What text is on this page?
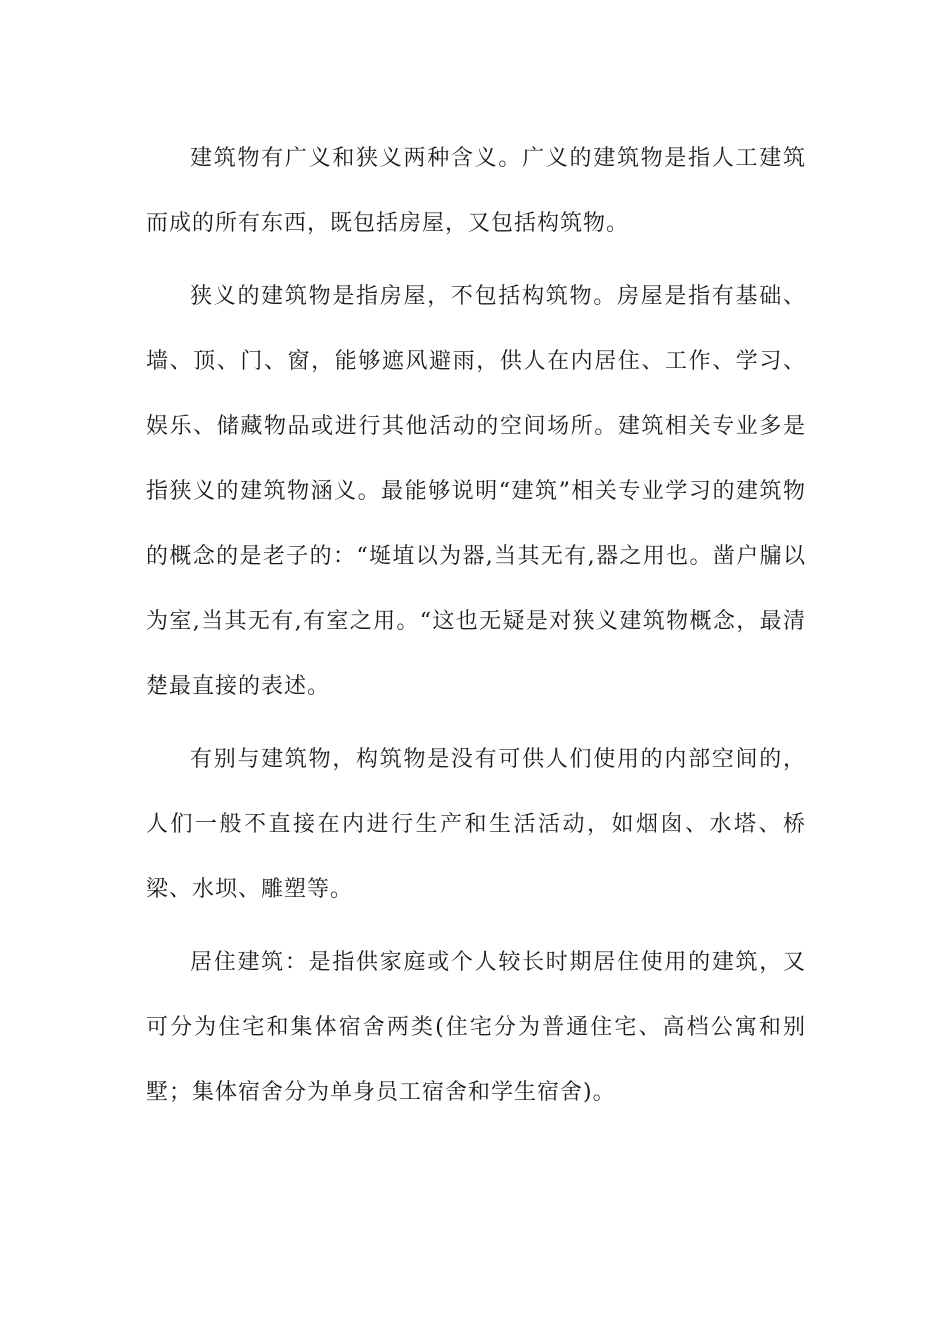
建筑物有广义和狭义两种含义。广义的建筑物是指人工建筑而成的所有东西，既包括房屋，又包括构筑物。

狭义的建筑物是指房屋，不包括构筑物。房屋是指有基础、墙、顶、门、窗，能够遮风避雨，供人在内居住、工作、学习、娱乐、储藏物品或进行其他活动的空间场所。建筑相关专业多是指狭义的建筑物涵义。最能够说明“建筑”相关专业学习的建筑物的概念的是老子的：“埏埴以为器,当其无有,器之用也。凿户牖以为室,当其无有,有室之用。“这也无疑是对狭义建筑物概念，最清楚最直接的表述。

有别与建筑物，构筑物是没有可供人们使用的内部空间的，人们一般不直接在内进行生产和生活活动，如烟囱、水塔、桥梁、水坝、雕塑等。

居住建筑：是指供家庭或个人较长时期居住使用的建筑，又可分为住宅和集体宿舍两类(住宅分为普通住宅、高档公寓和别墅；集体宿舍分为单身员工宿舍和学生宿舍)。
